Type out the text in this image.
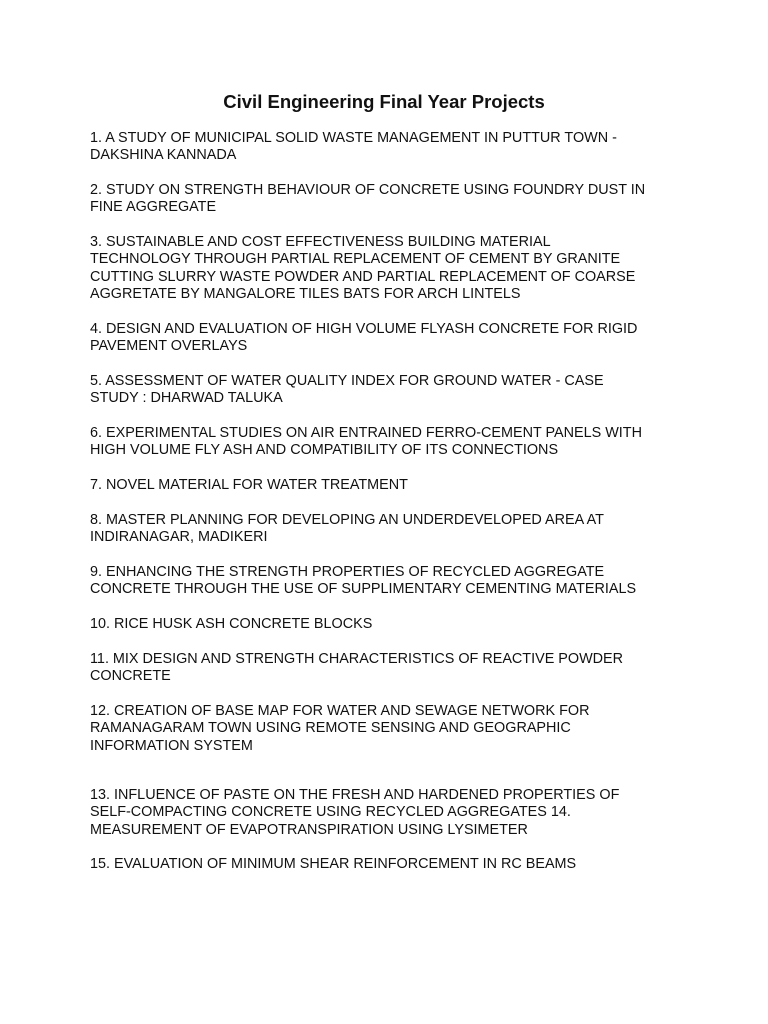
Civil Engineering Final Year Projects
1. A STUDY OF MUNICIPAL SOLID WASTE MANAGEMENT IN PUTTUR TOWN -
DAKSHINA KANNADA
2. STUDY ON STRENGTH BEHAVIOUR OF CONCRETE USING FOUNDRY DUST IN
FINE AGGREGATE
3. SUSTAINABLE AND COST EFFECTIVENESS BUILDING MATERIAL
TECHNOLOGY THROUGH PARTIAL REPLACEMENT OF CEMENT BY GRANITE
CUTTING SLURRY WASTE POWDER AND PARTIAL REPLACEMENT OF COARSE
AGGRETATE BY MANGALORE TILES BATS FOR ARCH LINTELS
4. DESIGN AND EVALUATION OF HIGH VOLUME FLYASH CONCRETE FOR RIGID
PAVEMENT OVERLAYS
5. ASSESSMENT OF WATER QUALITY INDEX FOR GROUND WATER - CASE
STUDY : DHARWAD TALUKA
6. EXPERIMENTAL STUDIES ON AIR ENTRAINED FERRO-CEMENT PANELS WITH
HIGH VOLUME FLY ASH AND COMPATIBILITY OF ITS CONNECTIONS
7. NOVEL MATERIAL FOR WATER TREATMENT
8. MASTER PLANNING FOR DEVELOPING AN UNDERDEVELOPED AREA AT
INDIRANAGAR, MADIKERI
9. ENHANCING THE STRENGTH PROPERTIES OF RECYCLED AGGREGATE
CONCRETE THROUGH THE USE OF SUPPLIMENTARY CEMENTING MATERIALS
10. RICE HUSK ASH CONCRETE BLOCKS
11. MIX DESIGN AND STRENGTH CHARACTERISTICS OF REACTIVE POWDER
CONCRETE
12. CREATION OF BASE MAP FOR WATER AND SEWAGE NETWORK FOR
RAMANAGARAM TOWN USING REMOTE SENSING AND GEOGRAPHIC
INFORMATION SYSTEM
13. INFLUENCE OF PASTE ON THE FRESH AND HARDENED PROPERTIES OF
SELF-COMPACTING CONCRETE USING RECYCLED AGGREGATES 14.
MEASUREMENT OF EVAPOTRANSPIRATION USING LYSIMETER
15. EVALUATION OF MINIMUM SHEAR REINFORCEMENT IN RC BEAMS
